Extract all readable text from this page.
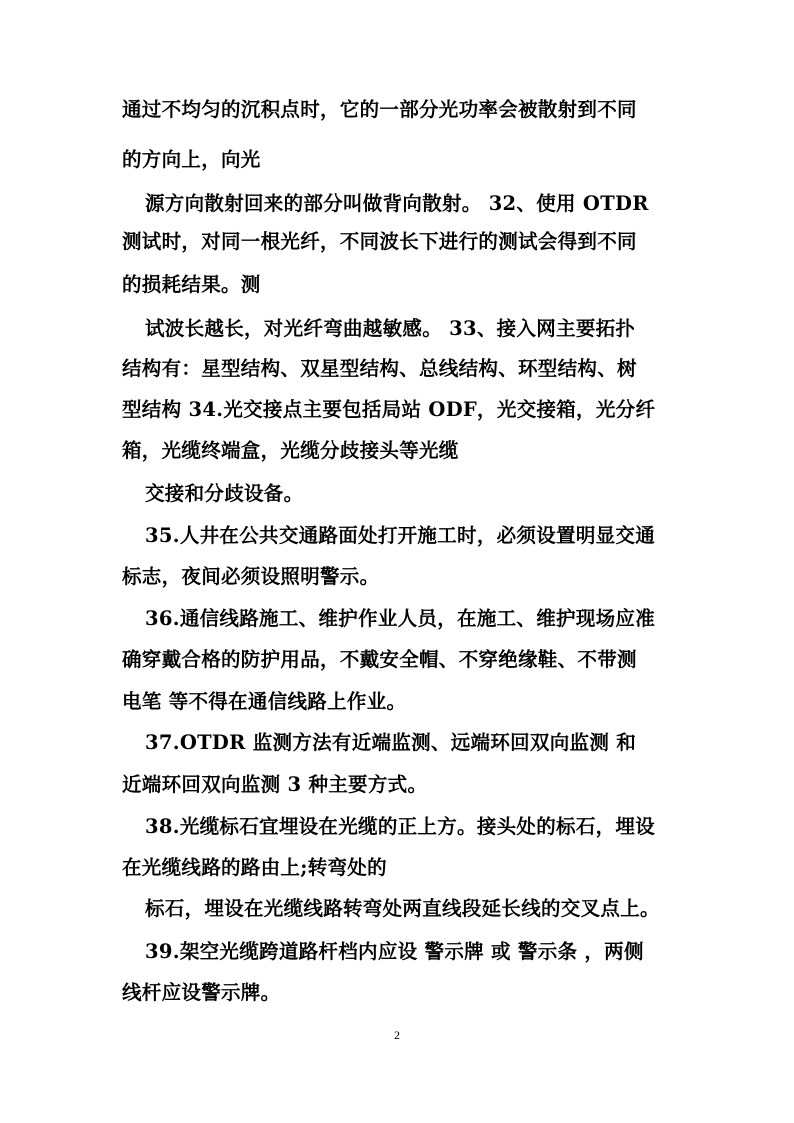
通过不均匀的沉积点时，它的一部分光功率会被散射到不同
的方向上，向光
源方向散射回来的部分叫做背向散射。 32、使用 OTDR
测试时，对同一根光纤，不同波长下进行的测试会得到不同
的损耗结果。测
试波长越长，对光纤弯曲越敏感。 33、接入网主要拓扑
结构有：星型结构、双星型结构、总线结构、环型结构、树
型结构 34.光交接点主要包括局站 ODF，光交接箱，光分纤
箱，光缆终端盒，光缆分歧接头等光缆
交接和分歧设备。
35.人井在公共交通路面处打开施工时，必须设置明显交通
标志，夜间必须设照明警示。
36.通信线路施工、维护作业人员，在施工、维护现场应准
确穿戴合格的防护用品，不戴安全帽、不穿绝缘鞋、不带测
电笔 等不得在通信线路上作业。
37.OTDR 监测方法有近端监测、远端环回双向监测 和
近端环回双向监测 3 种主要方式。
38.光缆标石宜埋设在光缆的正上方。接头处的标石，埋设
在光缆线路的路由上;转弯处的
标石，埋设在光缆线路转弯处两直线段延长线的交叉点上。
39.架空光缆跨道路杆档内应设 警示牌 或 警示条 ，两侧
线杆应设警示牌。
2
